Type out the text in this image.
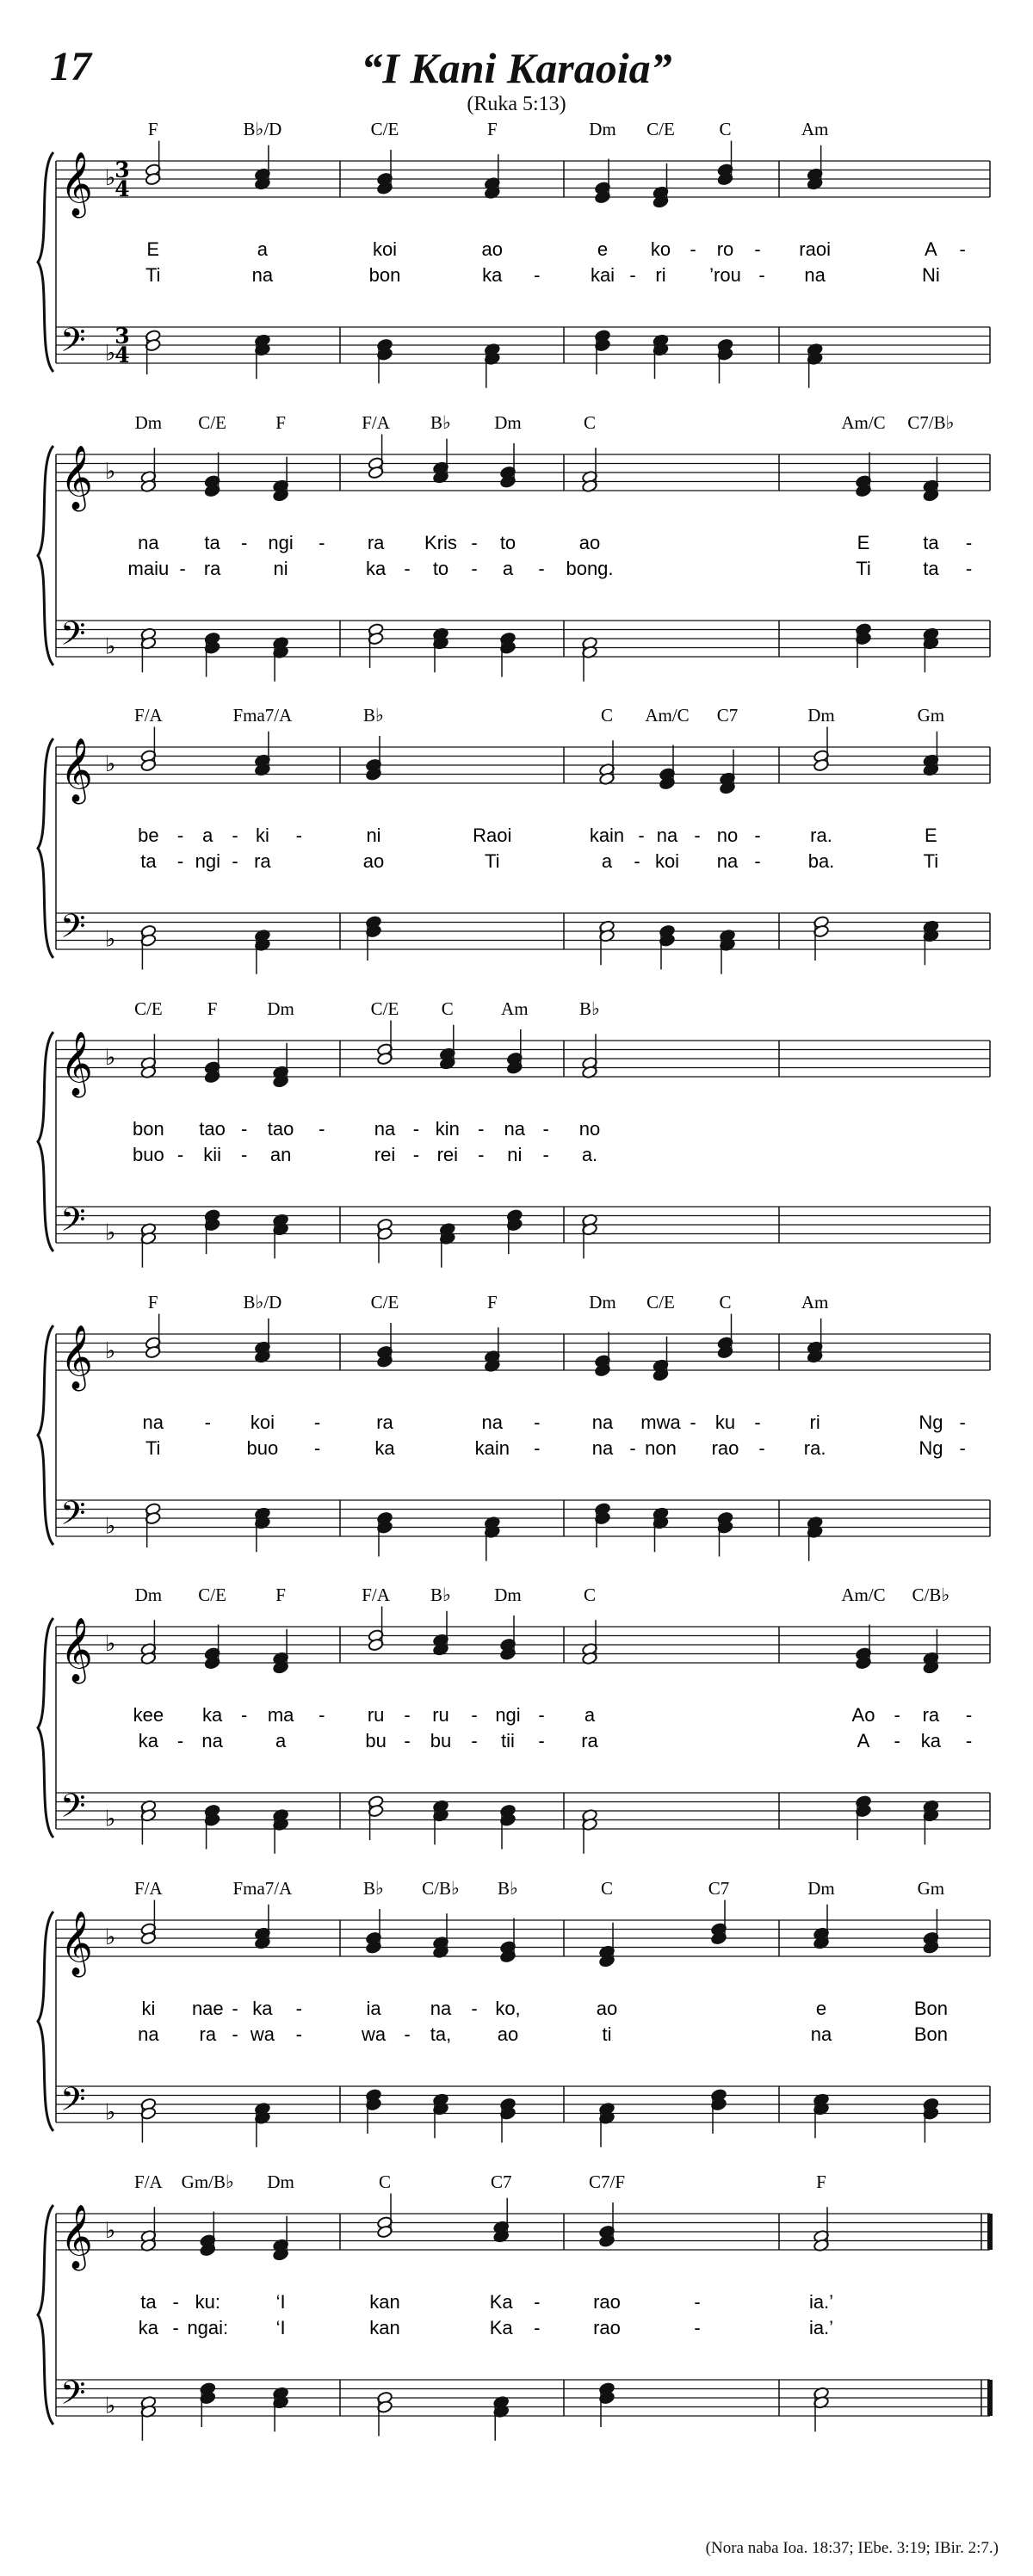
17	“I Kani Karaoia”
(Ruka 5:13)
𝄞
𝄢
♭
♭
3
4
3
4
F	B♭/D	C/E	F	Dm C/E C	Am
E	a	koi	ao	e ko - ro - raoi	A -
Ti	na	bon	ka -	kai - ri ’rou - na	Ni
𝄞
𝄢
♭
♭
Dm C/E	F	F/A B♭ Dm	C	Am/C C7/B♭
na ta - ngi - ra Kris - to	ao	E	ta -
maiu - ra	ni	ka - to - a - bong.	Ti	ta -
𝄞
𝄢
♭
♭
F/A	Fma7/A	B♭	C Am/C C7	Dm	Gm
be - a - ki -	ni	Raoi	kain - na - no -	ra.	E
ta - ngi - ra	ao	Ti	a - koi na -	ba.	Ti
𝄞
𝄢
♭
♭
C/E F	Dm	C/E C	Am	B♭
bon tao - tao -	na - kin - na - no
buo - kii - an	rei - rei - ni - a.
𝄞
𝄢
♭
♭
F	B♭/D	C/E	F	Dm C/E C	Am
na - koi -	ra	na -	na mwa - ku -	ri	Ng -
Ti	buo -	ka	kain -	na - non rao - ra.	Ng -
𝄞
𝄢
♭
♭
Dm C/E	F	F/A B♭ Dm	C	Am/C C/B♭
kee ka - ma - ru - ru - ngi - a	Ao - ra -
ka - na	a	bu - bu - tii - ra	A - ka -
𝄞
𝄢
♭
♭
F/A	Fma7/A	B♭ C/B♭ B♭	C	C7	Dm	Gm
ki nae - ka -	ia	na - ko,	ao	e	Bon
na ra - wa -	wa - ta, ao	ti	na	Bon
𝄞
𝄢
♭
♭
F/A Gm/B♭ Dm	C	C7	C7/F	F
ta - ku:	‘I	kan	Ka -	rao	-	ia.’
ka - ngai:	‘I	kan	Ka -	rao	-	ia.’
(Nora naba Ioa. 18:37; IEbe. 3:19; IBir. 2:7.)
